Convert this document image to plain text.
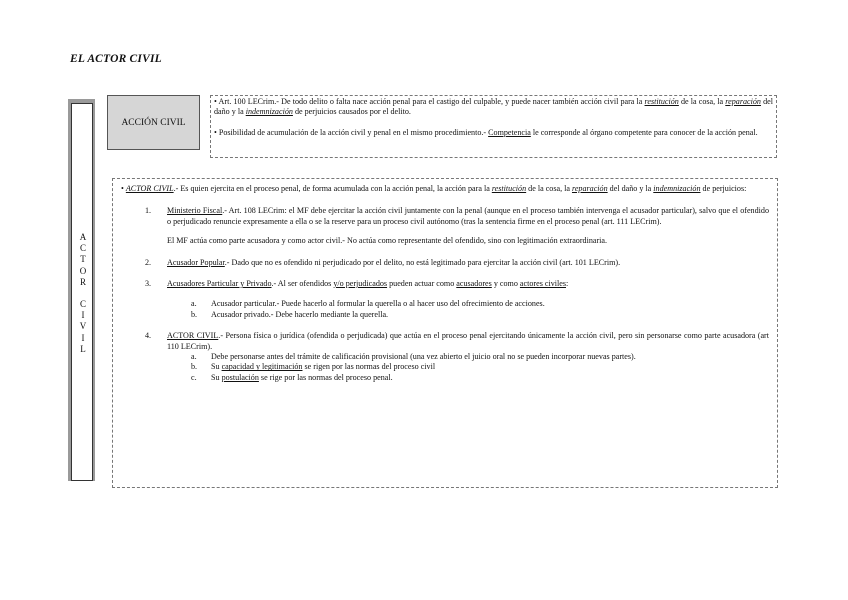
EL ACTOR CIVIL
A
C
T
O
R
C
I
V
I
L
ACCIÓN CIVIL

• Art. 100 LECrim.- De todo delito o falta nace acción penal para el castigo del culpable, y puede nacer también acción civil para la restitución de la cosa, la reparación del daño y la indemnización de perjuicios causados por el delito.

• Posibilidad de acumulación de la acción civil y penal en el mismo procedimiento.- Competencia le corresponde al órgano competente para conocer de la acción penal.

• ACTOR CIVIL.- Es quien ejercita en el proceso penal, de forma acumulada con la acción penal, la acción para la restitución de la cosa, la reparación del daño y la indemnización de perjuicios:

1. Ministerio Fiscal.- Art. 108 LECrim: el MF debe ejercitar la acción civil juntamente con la penal (aunque en el proceso también intervenga el acusador particular), salvo que el ofendido o perjudicado renuncie expresamente a ella o se la reserve para un proceso civil autónomo (tras la sentencia firme en el proceso penal (art. 111 LECrim).

El MF actúa como parte acusadora y como actor civil.- No actúa como representante del ofendido, sino con legitimación extraordinaria.

2. Acusador Popular.- Dado que no es ofendido ni perjudicado por el delito, no está legitimado para ejercitar la acción civil (art. 101 LECrim).

3. Acusadores Particular y Privado.- Al ser ofendidos y/o perjudicados pueden actuar como acusadores y como actores civiles:

a. Acusador particular.- Puede hacerlo al formular la querella o al hacer uso del ofrecimiento de acciones.
b. Acusador privado.- Debe hacerlo mediante la querella.
4. ACTOR CIVIL.- Persona física o jurídica (ofendida o perjudicada) que actúa en el proceso penal ejercitando únicamente la acción civil, pero sin personarse como parte acusadora (art 110 LECrim).

a. Debe personarse antes del trámite de calificación provisional (una vez abierto el juicio oral no se pueden incorporar nuevas partes).
b. Su capacidad y legitimación se rigen por las normas del proceso civil
c. Su postulación se rige por las normas del proceso penal.
